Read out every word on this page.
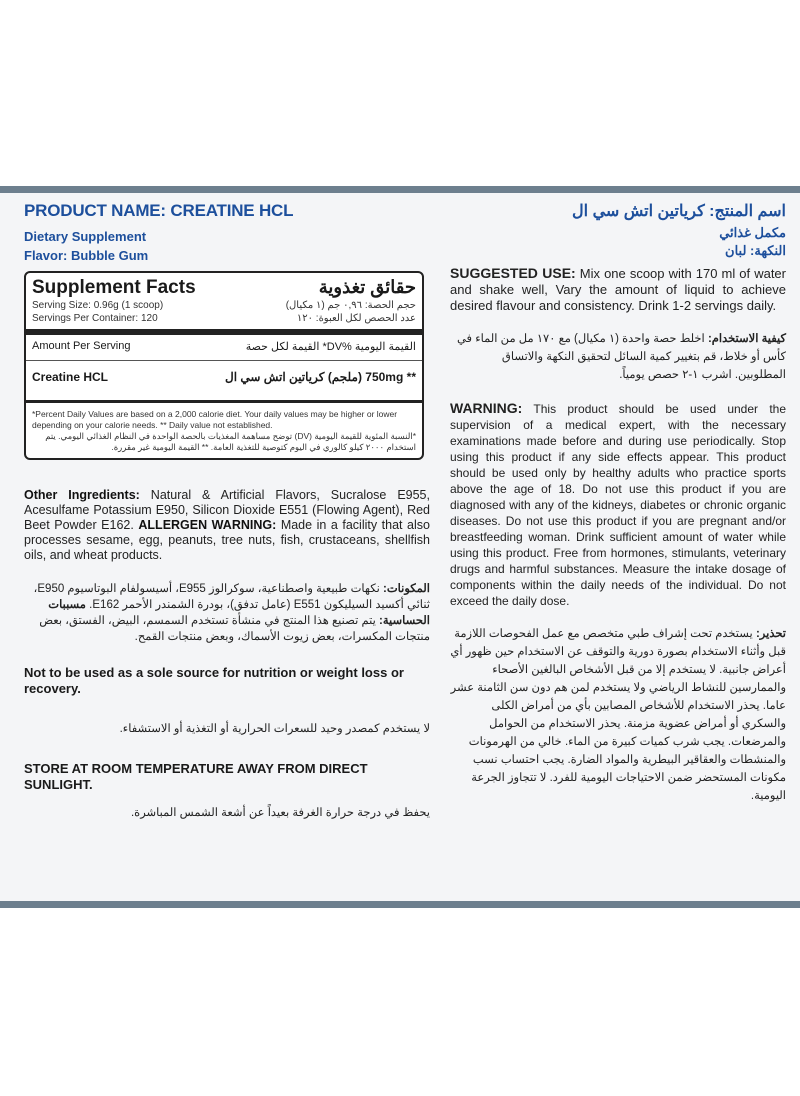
PRODUCT NAME: CREATINE HCL
Dietary Supplement
Flavor: Bubble Gum
Supplement Facts	حقائق تغذوية
Serving Size: 0.96g (1 scoop)	حجم الحصة: ٠,٩٦ جم (١ مكيال)
Servings Per Container: 120	عدد الحصص لكل العبوة: ١٢٠
Amount Per Serving	القيمة اليومية %DV* القيمة لكل حصة
Creatine HCL	** 750mg (ملجم) كرياتين اتش سي ال
*Percent Daily Values are based on a 2,000 calorie diet. Your daily values may be higher or lower depending on your calorie needs. ** Daily value not established.
*النسبة المئوية للقيمة اليومية (DV) توضح مساهمة المغذيات بالحصة الواحدة في النظام الغذائي اليومي. يتم استخدام ٢٠٠٠ كيلو كالوري في اليوم كتوصية للتغذية العامة. ** القيمة اليومية غير مقررة.

Other Ingredients: Natural & Artificial Flavors, Sucralose E955, Acesulfame Potassium E950, Silicon Dioxide E551 (Flowing Agent), Red Beet Powder E162. ALLERGEN WARNING: Made in a facility that also processes sesame, egg, peanuts, tree nuts, fish, crustaceans, shellfish oils, and wheat products.

المكونات: نكهات طبيعية واصطناعية، سوكرالوز E955، أسيسولفام البوتاسيوم E950، ثنائي أكسيد السيليكون E551 (عامل تدفق)، بودرة الشمندر الأحمر E162. مسببات الحساسية: يتم تصنيع هذا المنتج في منشأة تستخدم السمسم، البيض، الفستق، بعض منتجات المكسرات، بعض زيوت الأسماك، وبعض منتجات القمح.

Not to be used as a sole source for nutrition or weight loss or recovery.

لا يستخدم كمصدر وحيد للسعرات الحرارية أو التغذية أو الاستشفاء.

STORE AT ROOM TEMPERATURE AWAY FROM DIRECT SUNLIGHT.

يحفظ في درجة حرارة الغرفة بعيداً عن أشعة الشمس المباشرة.

اسم المنتج: كرياتين اتش سي ال
مكمل غذائي
النكهة: لبان

SUGGESTED USE: Mix one scoop with 170 ml of water and shake well, Vary the amount of liquid to achieve desired flavour and consistency. Drink 1-2 servings daily.

كيفية الاستخدام: اخلط حصة واحدة (١ مكيال) مع ١٧٠ مل من الماء في كأس أو خلاط، قم بتغيير كمية السائل لتحقيق النكهة والاتساق المطلوبين. اشرب ١-٢ حصص يومياً.

WARNING: This product should be used under the supervision of a medical expert, with the necessary examinations made before and during use periodically. Stop using this product if any side effects appear. This product should be used only by healthy adults who practice sports above the age of 18. Do not use this product if you are diagnosed with any of the kidneys, diabetes or chronic organic diseases. Do not use this product if you are pregnant and/or breastfeeding woman. Drink sufficient amount of water while using this product. Free from hormones, stimulants, veterinary drugs and harmful substances. Measure the intake dosage of components within the daily needs of the individual. Do not exceed the daily dose.

تحذير: يستخدم تحت إشراف طبي متخصص مع عمل الفحوصات اللازمة قبل وأثناء الاستخدام بصورة دورية والتوقف عن الاستخدام حين ظهور أي أعراض جانبية. لا يستخدم إلا من قبل الأشخاص البالغين الأصحاء والممارسين للنشاط الرياضي ولا يستخدم لمن هم دون سن الثامنة عشر عاما. يحذر الاستخدام للأشخاص المصابين بأي من أمراض الكلى والسكري أو أمراض عضوية مزمنة. يحذر الاستخدام من الحوامل والمرضعات. يجب شرب كميات كبيرة من الماء. خالي من الهرمونات والمنشطات والعقاقير البيطرية والمواد الضارة. يجب احتساب نسب مكونات المستحضر ضمن الاحتياجات اليومية للفرد. لا تتجاوز الجرعة اليومية.
